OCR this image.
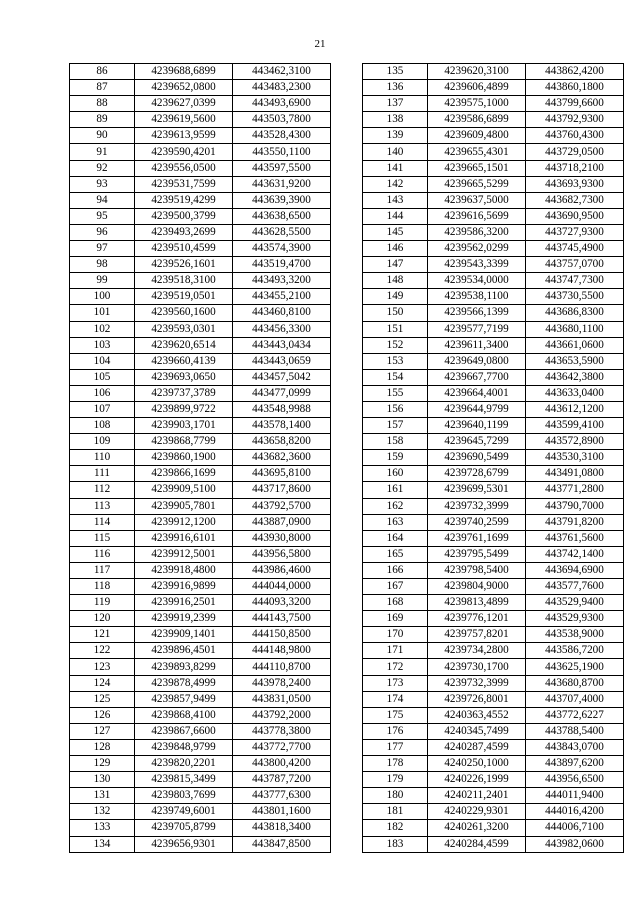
21
86	4239688,6899	443462,3100
87	4239652,0800	443483,2300
88	4239627,0399	443493,6900
89	4239619,5600	443503,7800
90	4239613,9599	443528,4300
91	4239590,4201	443550,1100
92	4239556,0500	443597,5500
93	4239531,7599	443631,9200
94	4239519,4299	443639,3900
95	4239500,3799	443638,6500
96	4239493,2699	443628,5500
97	4239510,4599	443574,3900
98	4239526,1601	443519,4700
99	4239518,3100	443493,3200
100	4239519,0501	443455,2100
101	4239560,1600	443460,8100
102	4239593,0301	443456,3300
103	4239620,6514	443443,0434
104	4239660,4139	443443,0659
105	4239693,0650	443457,5042
106	4239737,3789	443477,0999
107	4239899,9722	443548,9988
108	4239903,1701	443578,1400
109	4239868,7799	443658,8200
110	4239860,1900	443682,3600
111	4239866,1699	443695,8100
112	4239909,5100	443717,8600
113	4239905,7801	443792,5700
114	4239912,1200	443887,0900
115	4239916,6101	443930,8000
116	4239912,5001	443956,5800
117	4239918,4800	443986,4600
118	4239916,9899	444044,0000
119	4239916,2501	444093,3200
120	4239919,2399	444143,7500
121	4239909,1401	444150,8500
122	4239896,4501	444148,9800
123	4239893,8299	444110,8700
124	4239878,4999	443978,2400
125	4239857,9499	443831,0500
126	4239868,4100	443792,2000
127	4239867,6600	443778,3800
128	4239848,9799	443772,7700
129	4239820,2201	443800,4200
130	4239815,3499	443787,7200
131	4239803,7699	443777,6300
132	4239749,6001	443801,1600
133	4239705,8799	443818,3400
134	4239656,9301	443847,8500
135	4239620,3100	443862,4200
136	4239606,4899	443860,1800
137	4239575,1000	443799,6600
138	4239586,6899	443792,9300
139	4239609,4800	443760,4300
140	4239655,4301	443729,0500
141	4239665,1501	443718,2100
142	4239665,5299	443693,9300
143	4239637,5000	443682,7300
144	4239616,5699	443690,9500
145	4239586,3200	443727,9300
146	4239562,0299	443745,4900
147	4239543,3399	443757,0700
148	4239534,0000	443747,7300
149	4239538,1100	443730,5500
150	4239566,1399	443686,8300
151	4239577,7199	443680,1100
152	4239611,3400	443661,0600
153	4239649,0800	443653,5900
154	4239667,7700	443642,3800
155	4239664,4001	443633,0400
156	4239644,9799	443612,1200
157	4239640,1199	443599,4100
158	4239645,7299	443572,8900
159	4239690,5499	443530,3100
160	4239728,6799	443491,0800
161	4239699,5301	443771,2800
162	4239732,3999	443790,7000
163	4239740,2599	443791,8200
164	4239761,1699	443761,5600
165	4239795,5499	443742,1400
166	4239798,5400	443694,6900
167	4239804,9000	443577,7600
168	4239813,4899	443529,9400
169	4239776,1201	443529,9300
170	4239757,8201	443538,9000
171	4239734,2800	443586,7200
172	4239730,1700	443625,1900
173	4239732,3999	443680,8700
174	4239726,8001	443707,4000
175	4240363,4552	443772,6227
176	4240345,7499	443788,5400
177	4240287,4599	443843,0700
178	4240250,1000	443897,6200
179	4240226,1999	443956,6500
180	4240211,2401	444011,9400
181	4240229,9301	444016,4200
182	4240261,3200	444006,7100
183	4240284,4599	443982,0600
